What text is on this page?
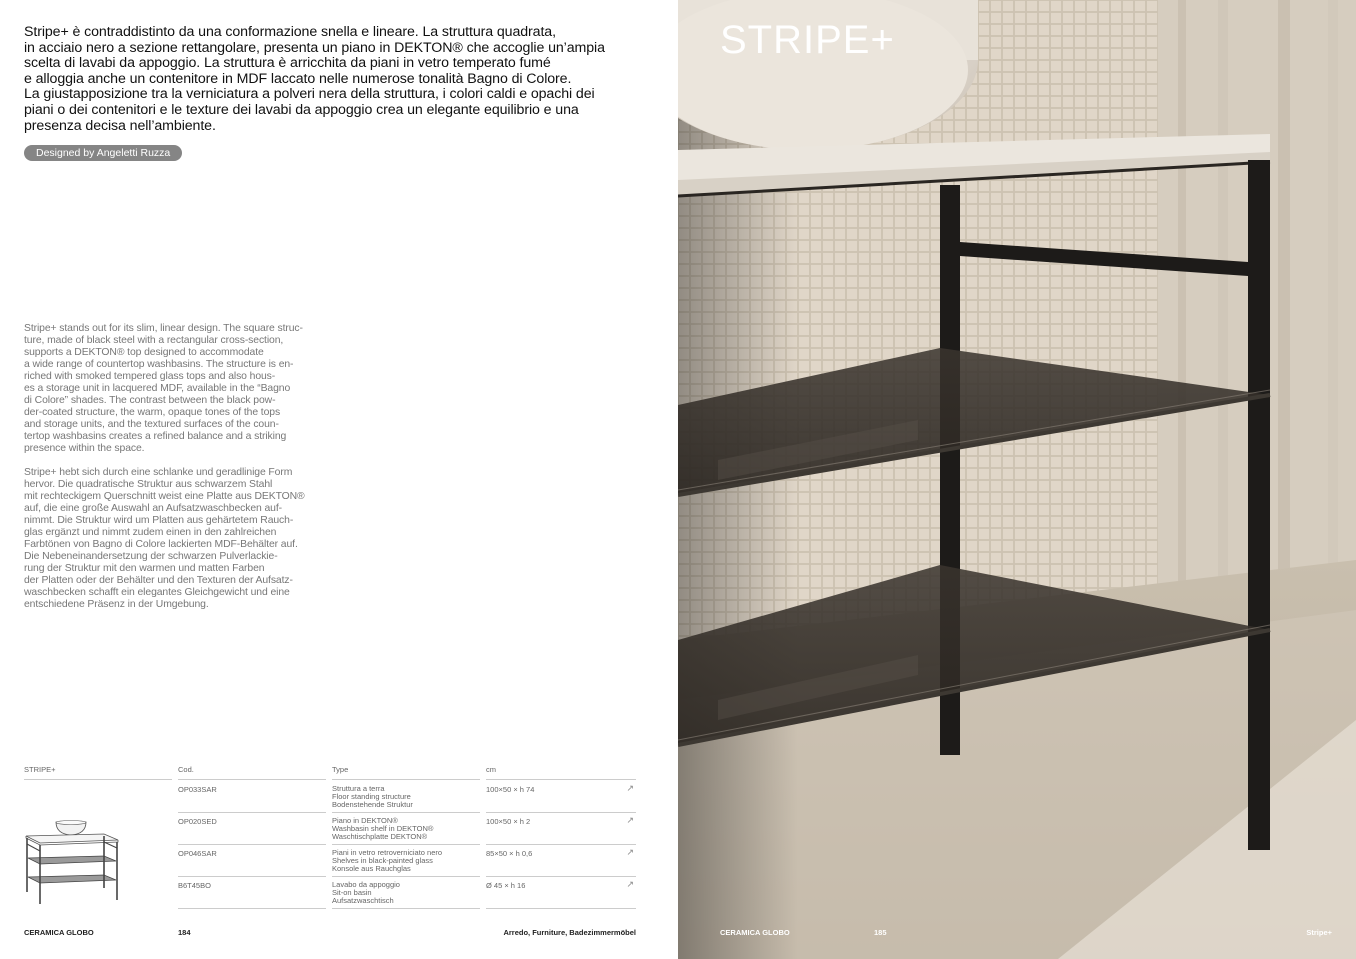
Stripe+ è contraddistinto da una conformazione snella e lineare. La struttura quadrata,

in acciaio nero a sezione rettangolare, presenta un piano in DEKTON® che accoglie un’ampia

scelta di lavabi da appoggio. La struttura è arricchita da piani in vetro temperato fumé

e alloggia anche un contenitore in MDF laccato nelle numerose tonalità Bagno di Colore.

La giustapposizione tra la verniciatura a polveri nera della struttura, i colori caldi e opachi dei

piani o dei contenitori e le texture dei lavabi da appoggio crea un elegante equilibrio e una

presenza decisa nell’ambiente.

Designed by Angeletti Ruzza
Stripe+ stands out for its slim, linear design. The square struc-
ture, made of black steel with a rectangular cross-section,
supports a DEKTON® top designed to accommodate
a wide range of countertop washbasins. The structure is en-
riched with smoked tempered glass tops and also hous-
es a storage unit in lacquered MDF, available in the “Bagno
di Colore” shades. The contrast between the black pow-
der-coated structure, the warm, opaque tones of the tops
and storage units, and the textured surfaces of the coun-
tertop washbasins creates a refined balance and a striking
presence within the space.
Stripe+ hebt sich durch eine schlanke und geradlinige Form
hervor. Die quadratische Struktur aus schwarzem Stahl
mit rechteckigem Querschnitt weist eine Platte aus DEKTON®
auf, die eine große Auswahl an Aufsatzwaschbecken auf-
nimmt. Die Struktur wird um Platten aus gehärtetem Rauch-
glas ergänzt und nimmt zudem einen in den zahlreichen
Farbtönen von Bagno di Colore lackierten MDF-Behälter auf.
Die Nebeneinandersetzung der schwarzen Pulverlackie-
rung der Struktur mit den warmen und matten Farben
der Platten oder der Behälter und den Texturen der Aufsatz-
waschbecken schafft ein elegantes Gleichgewicht und eine
entschiedene Präsenz in der Umgebung.
STRIPE+	Cod.	Type	cm
OP033SAR	Struttura a terra
Floor standing structure
Bodenstehende Struktur
100×50 × h 74	↗
OP020SED	Piano in DEKTON®
Washbasin shelf in DEKTON®
Waschtischplatte DEKTON®
100×50 × h 2	↗
OP046SAR	Piani in vetro retroverniciato nero
Shelves in black-painted glass
Konsole aus Rauchglas
85×50 × h 0,6	↗
B6T45BO	Lavabo da appoggio
Sit-on basin
Aufsatzwaschtisch
Ø 45 × h 16	↗
CERAMICA GLOBO	184	Arredo, Furniture, Badezimmermöbel
STRIPE+
CERAMICA GLOBO	185	Stripe+
